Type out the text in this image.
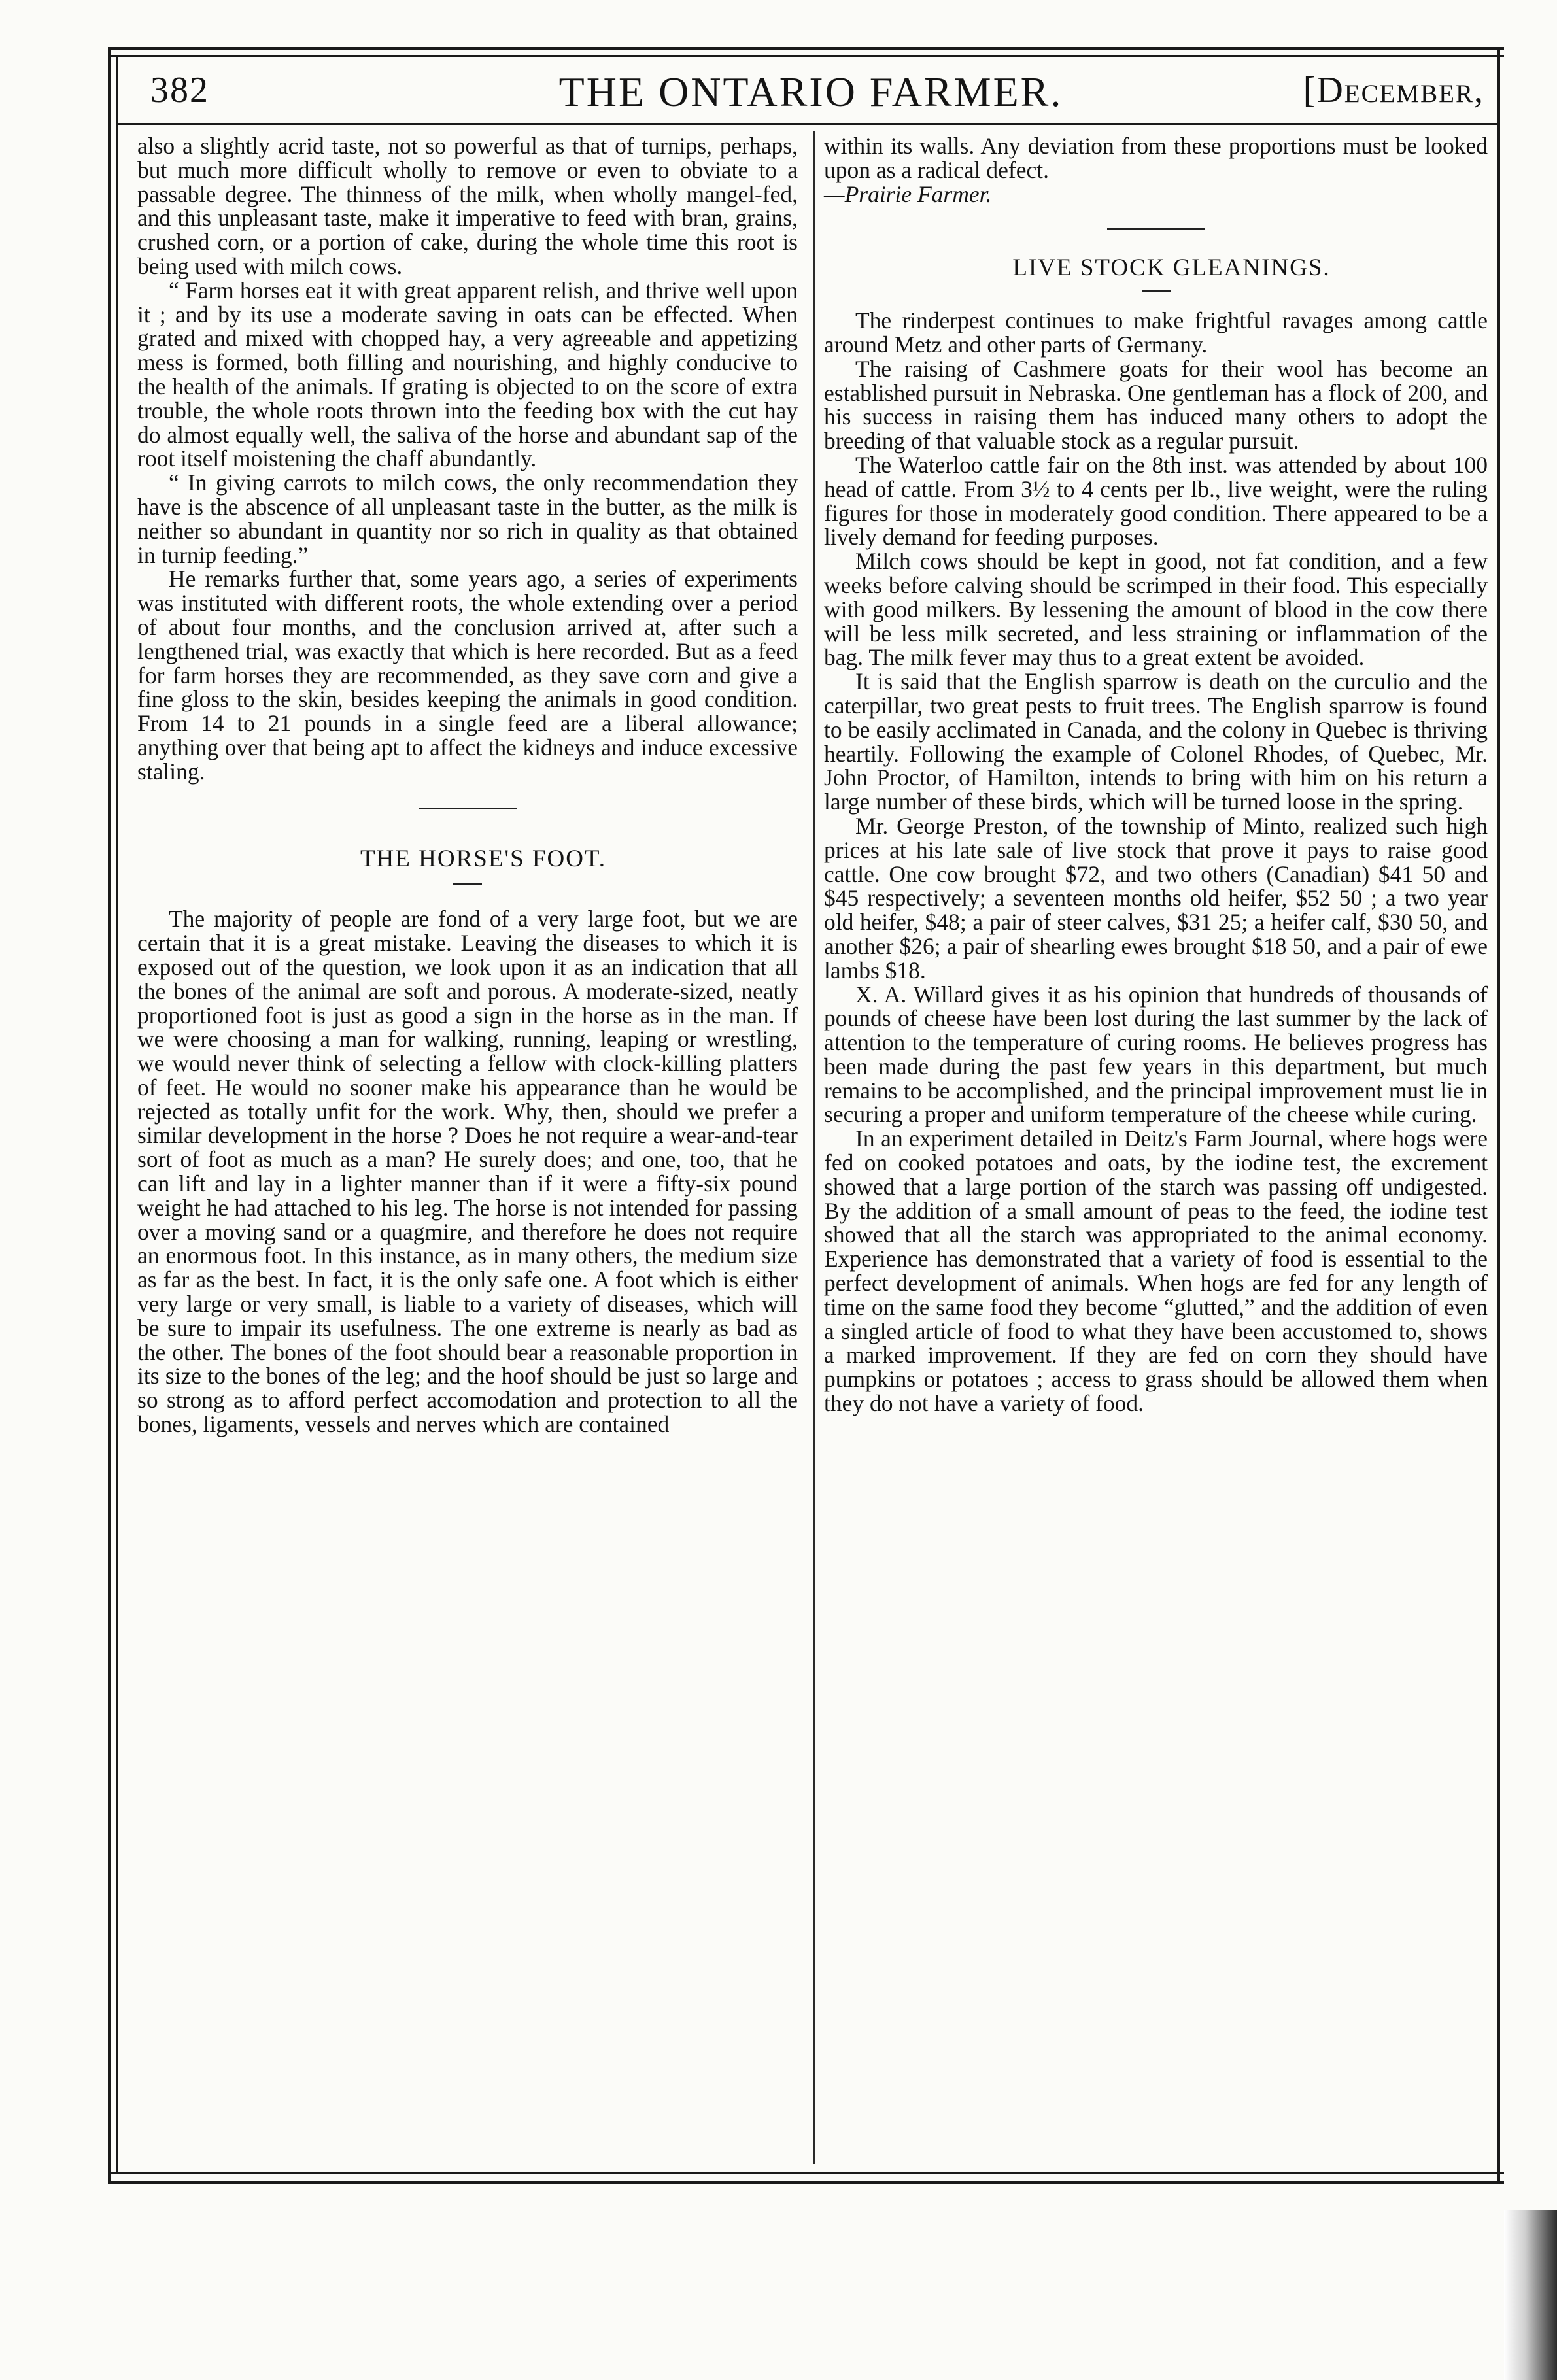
382	THE ONTARIO FARMER.	[December,

also a slightly acrid taste, not so powerful as that of turnips, perhaps, but much more difficult wholly to remove or even to obviate to a passable degree. The thinness of the milk, when wholly mangel-fed, and this unpleasant taste, make it imperative to feed with bran, grains, crushed corn, or a portion of cake, during the whole time this root is being used with milch cows.

“ Farm horses eat it with great apparent relish, and thrive well upon it ; and by its use a moderate saving in oats can be effected. When grated and mixed with chopped hay, a very agreeable and appetizing mess is formed, both filling and nourishing, and highly conducive to the health of the animals. If grating is objected to on the score of extra trouble, the whole roots thrown into the feeding box with the cut hay do almost equally well, the saliva of the horse and abundant sap of the root itself moistening the chaff abundantly.

“ In giving carrots to milch cows, the only recommendation they have is the abscence of all unpleasant taste in the butter, as the milk is neither so abundant in quantity nor so rich in quality as that obtained in turnip feeding.”

He remarks further that, some years ago, a series of experiments was instituted with different roots, the whole extending over a period of about four months, and the conclusion arrived at, after such a lengthened trial, was exactly that which is here recorded. But as a feed for farm horses they are recommended, as they save corn and give a fine gloss to the skin, besides keeping the animals in good condition. From 14 to 21 pounds in a single feed are a liberal allowance; anything over that being apt to affect the kidneys and induce excessive staling.

THE HORSE'S FOOT.

The majority of people are fond of a very large foot, but we are certain that it is a great mistake. Leaving the diseases to which it is exposed out of the question, we look upon it as an indication that all the bones of the animal are soft and porous. A moderate-sized, neatly proportioned foot is just as good a sign in the horse as in the man. If we were choosing a man for walking, running, leaping or wrestling, we would never think of selecting a fellow with clock-killing platters of feet. He would no sooner make his appearance than he would be rejected as totally unfit for the work. Why, then, should we prefer a similar development in the horse ? Does he not require a wear-and-tear sort of foot as much as a man? He surely does; and one, too, that he can lift and lay in a lighter manner than if it were a fifty-six pound weight he had attached to his leg. The horse is not intended for passing over a moving sand or a quagmire, and therefore he does not require an enormous foot. In this instance, as in many others, the medium size as far as the best. In fact, it is the only safe one. A foot which is either very large or very small, is liable to a variety of diseases, which will be sure to impair its usefulness. The one extreme is nearly as bad as the other. The bones of the foot should bear a reasonable proportion in its size to the bones of the leg; and the hoof should be just so large and so strong as to afford perfect accomodation and protection to all the bones, ligaments, vessels and nerves which are contained

within its walls. Any deviation from these proportions must be looked upon as a radical defect.

—Prairie Farmer.

LIVE STOCK GLEANINGS.

The rinderpest continues to make frightful ravages among cattle around Metz and other parts of Germany.

The raising of Cashmere goats for their wool has become an established pursuit in Nebraska. One gentleman has a flock of 200, and his success in raising them has induced many others to adopt the breeding of that valuable stock as a regular pursuit.

The Waterloo cattle fair on the 8th inst. was attended by about 100 head of cattle. From 3½ to 4 cents per lb., live weight, were the ruling figures for those in moderately good condition. There appeared to be a lively demand for feeding purposes.

Milch cows should be kept in good, not fat condition, and a few weeks before calving should be scrimped in their food. This especially with good milkers. By lessening the amount of blood in the cow there will be less milk secreted, and less straining or inflammation of the bag. The milk fever may thus to a great extent be avoided.

It is said that the English sparrow is death on the curculio and the caterpillar, two great pests to fruit trees. The English sparrow is found to be easily acclimated in Canada, and the colony in Quebec is thriving heartily. Following the example of Colonel Rhodes, of Quebec, Mr. John Proctor, of Hamilton, intends to bring with him on his return a large number of these birds, which will be turned loose in the spring.

Mr. George Preston, of the township of Minto, realized such high prices at his late sale of live stock that prove it pays to raise good cattle. One cow brought $72, and two others (Canadian) $41 50 and $45 respectively; a seventeen months old heifer, $52 50 ; a two year old heifer, $48; a pair of steer calves, $31 25; a heifer calf, $30 50, and another $26; a pair of shearling ewes brought $18 50, and a pair of ewe lambs $18.

X. A. Willard gives it as his opinion that hundreds of thousands of pounds of cheese have been lost during the last summer by the lack of attention to the temperature of curing rooms. He believes progress has been made during the past few years in this department, but much remains to be accomplished, and the principal improvement must lie in securing a proper and uniform temperature of the cheese while curing.

In an experiment detailed in Deitz's Farm Journal, where hogs were fed on cooked potatoes and oats, by the iodine test, the excrement showed that a large portion of the starch was passing off undigested. By the addition of a small amount of peas to the feed, the iodine test showed that all the starch was appropriated to the animal economy. Experience has demonstrated that a variety of food is essential to the perfect development of animals. When hogs are fed for any length of time on the same food they become “glutted,” and the addition of even a singled article of food to what they have been accustomed to, shows a marked improvement. If they are fed on corn they should have pumpkins or potatoes ; access to grass should be allowed them when they do not have a variety of food.
